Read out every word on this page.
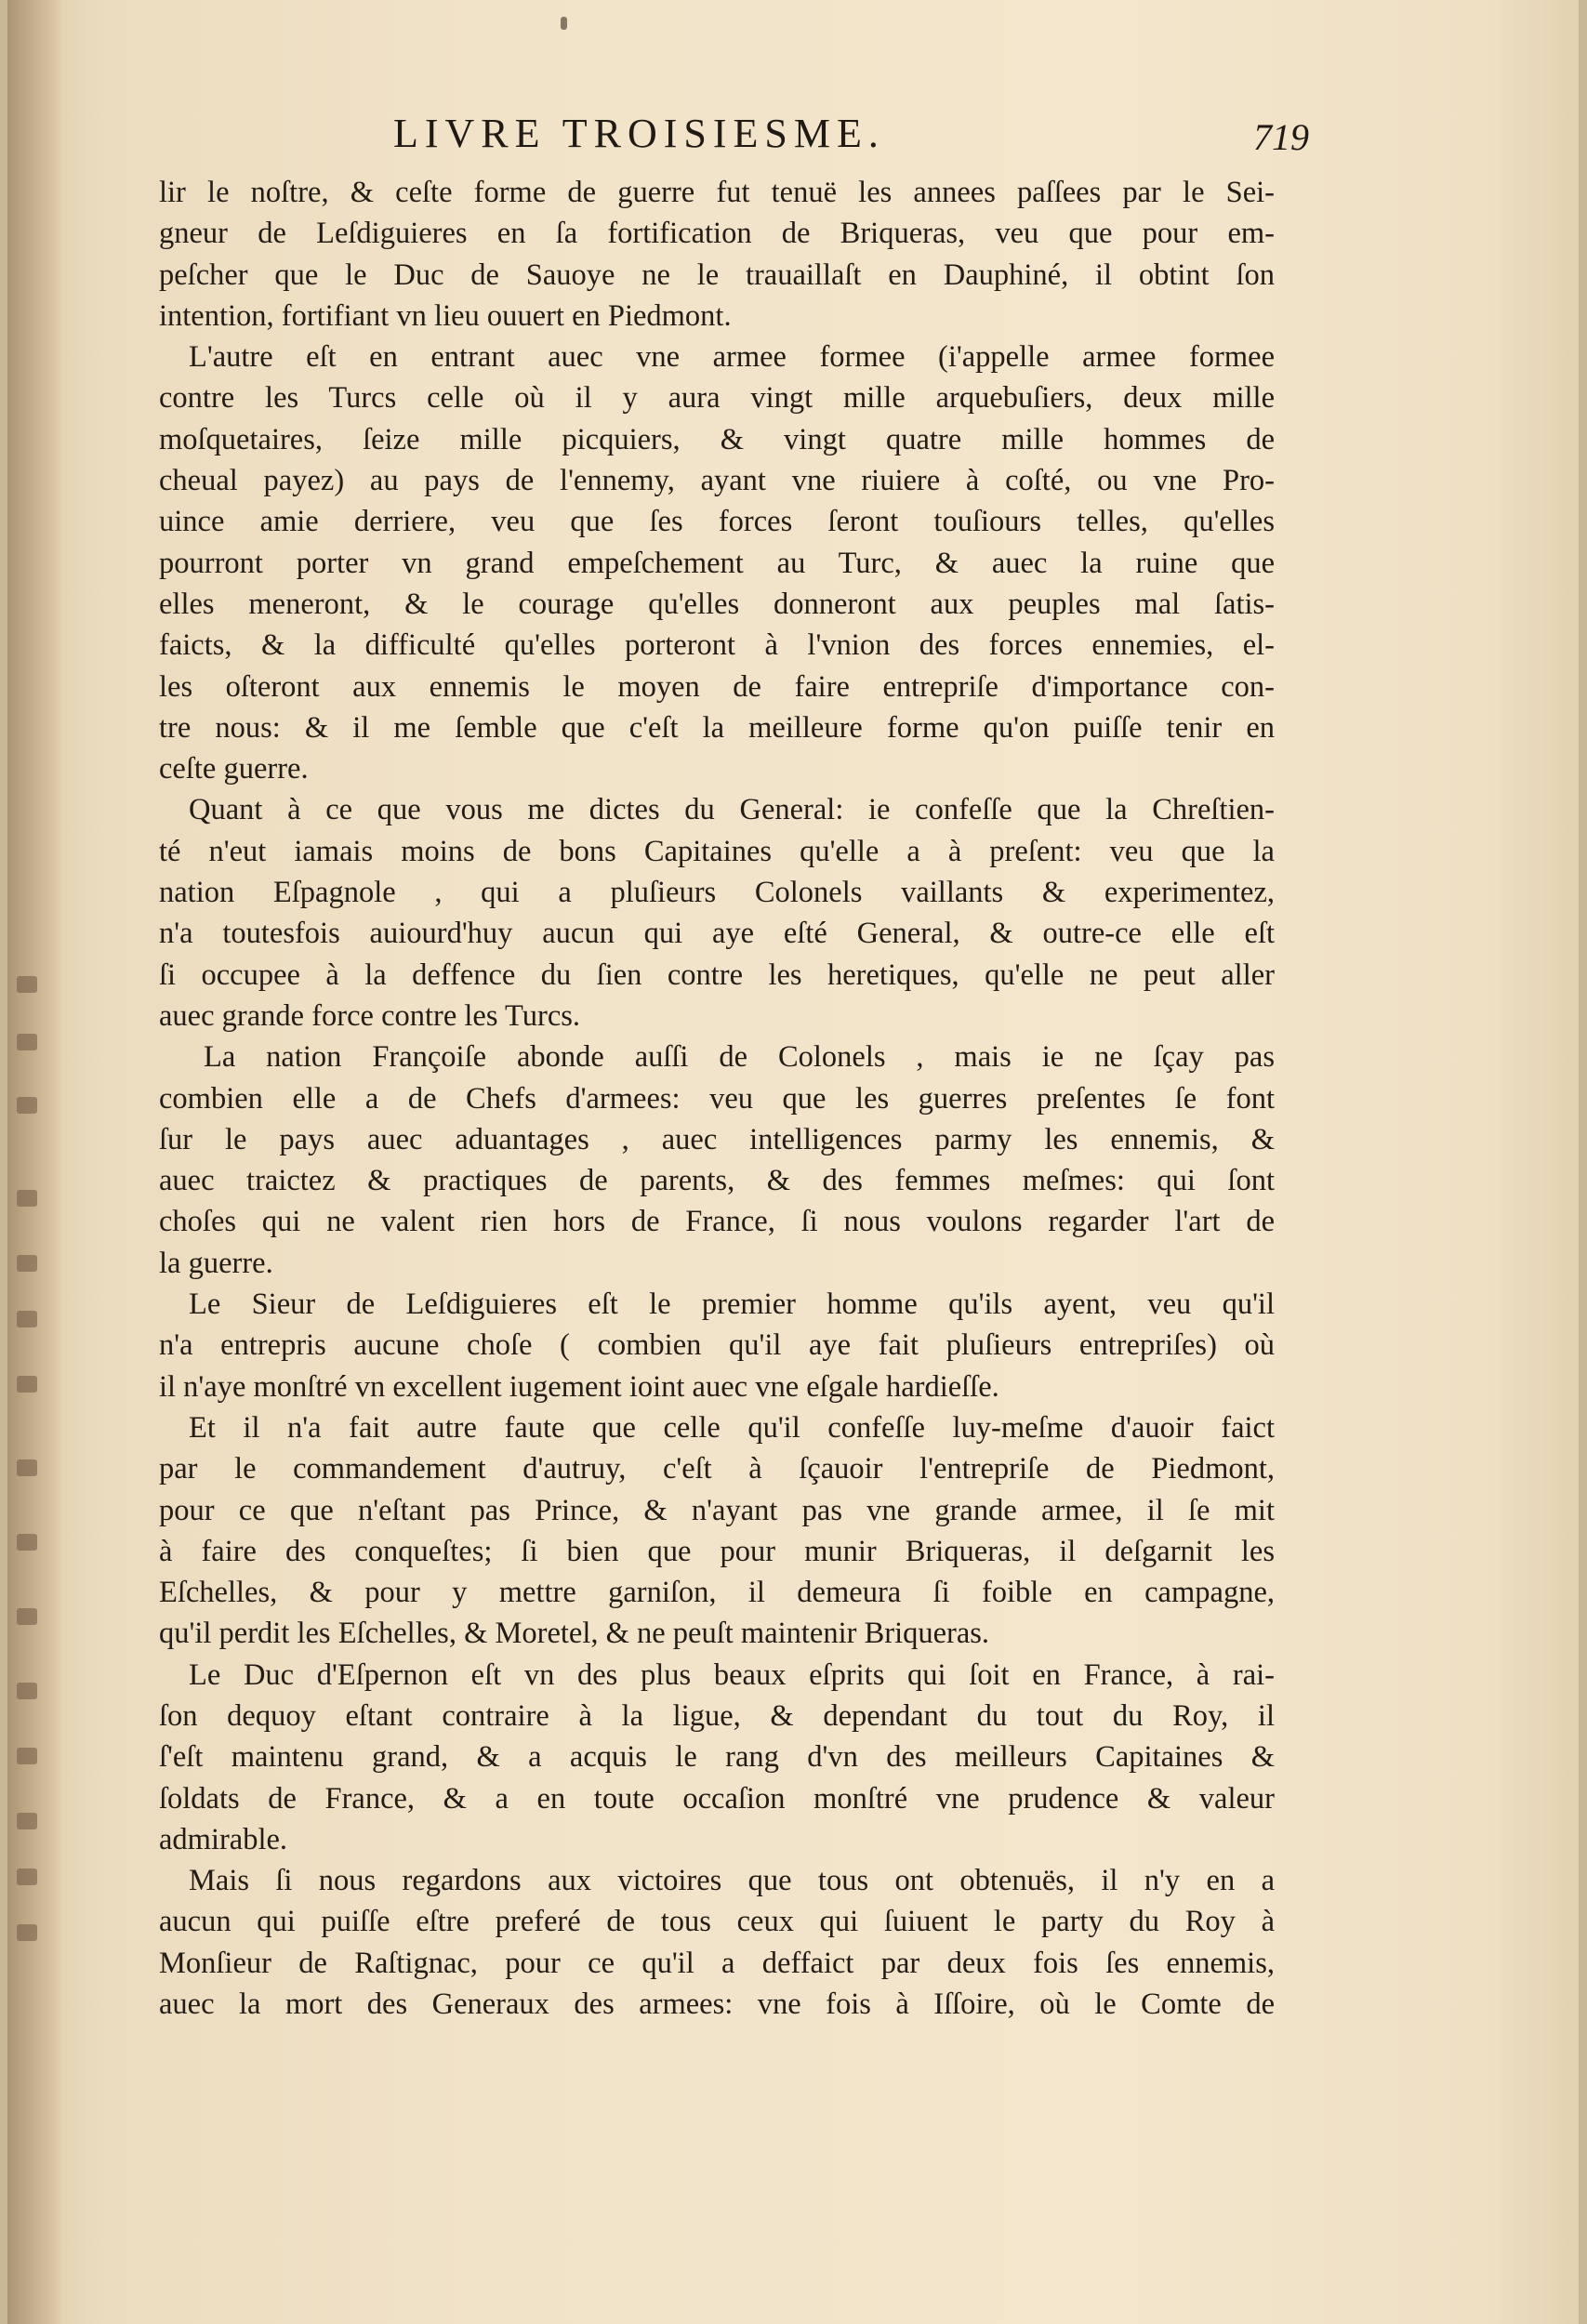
LIVRE TROISIESME.	719
lir le noſtre, & ceſte forme de guerre fut tenuë les annees paſſees par le Sei-
gneur de Leſdiguieres en ſa fortification de Briqueras, veu que pour em-
peſcher que le Duc de Sauoye ne le trauaillaſt en Dauphiné, il obtint ſon
intention, fortifiant vn lieu ouuert en Piedmont.
L'autre eſt en entrant auec vne armee formee (i'appelle armee formee
contre les Turcs celle où il y aura vingt mille arquebuſiers, deux mille
moſquetaires, ſeize mille picquiers, & vingt quatre mille hommes de
cheual payez) au pays de l'ennemy, ayant vne riuiere à coſté, ou vne Pro-
uince amie derriere, veu que ſes forces ſeront touſiours telles, qu'elles
pourront porter vn grand empeſchement au Turc, & auec la ruine que
elles meneront, & le courage qu'elles donneront aux peuples mal ſatis-
faicts, & la difficulté qu'elles porteront à l'vnion des forces ennemies, el-
les oſteront aux ennemis le moyen de faire entrepriſe d'importance con-
tre nous: & il me ſemble que c'eſt la meilleure forme qu'on puiſſe tenir en
ceſte guerre.
Quant à ce que vous me dictes du General: ie confeſſe que la Chreſtien-
té n'eut iamais moins de bons Capitaines qu'elle a à preſent: veu que la
nation Eſpagnole , qui a pluſieurs Colonels vaillants & experimentez,
n'a toutesfois auiourd'huy aucun qui aye eſté General, & outre-ce elle eſt
ſi occupee à la deffence du ſien contre les heretiques, qu'elle ne peut aller
auec grande force contre les Turcs.
La nation Françoiſe abonde auſſi de Colonels , mais ie ne ſçay pas
combien elle a de Chefs d'armees: veu que les guerres preſentes ſe font
ſur le pays auec aduantages , auec intelligences parmy les ennemis, &
auec traictez & practiques de parents, & des femmes meſmes: qui ſont
choſes qui ne valent rien hors de France, ſi nous voulons regarder l'art de
la guerre.
Le Sieur de Leſdiguieres eſt le premier homme qu'ils ayent, veu qu'il
n'a entrepris aucune choſe ( combien qu'il aye fait pluſieurs entrepriſes) où
il n'aye monſtré vn excellent iugement ioint auec vne eſgale hardieſſe.
Et il n'a fait autre faute que celle qu'il confeſſe luy-meſme d'auoir faict
par le commandement d'autruy, c'eſt à ſçauoir l'entrepriſe de Piedmont,
pour ce que n'eſtant pas Prince, & n'ayant pas vne grande armee, il ſe mit
à faire des conqueſtes; ſi bien que pour munir Briqueras, il deſgarnit les
Eſchelles, & pour y mettre garniſon, il demeura ſi foible en campagne,
qu'il perdit les Eſchelles, & Moretel, & ne peuſt maintenir Briqueras.
Le Duc d'Eſpernon eſt vn des plus beaux eſprits qui ſoit en France, à rai-
ſon dequoy eſtant contraire à la ligue, & dependant du tout du Roy, il
ſ'eſt maintenu grand, & a acquis le rang d'vn des meilleurs Capitaines &
ſoldats de France, & a en toute occaſion monſtré vne prudence & valeur
admirable.
Mais ſi nous regardons aux victoires que tous ont obtenuës, il n'y en a
aucun qui puiſſe eſtre preferé de tous ceux qui ſuiuent le party du Roy à
Monſieur de Raſtignac, pour ce qu'il a deffaict par deux fois ſes ennemis,
auec la mort des Generaux des armees: vne fois à Iſſoire, où le Comte de
